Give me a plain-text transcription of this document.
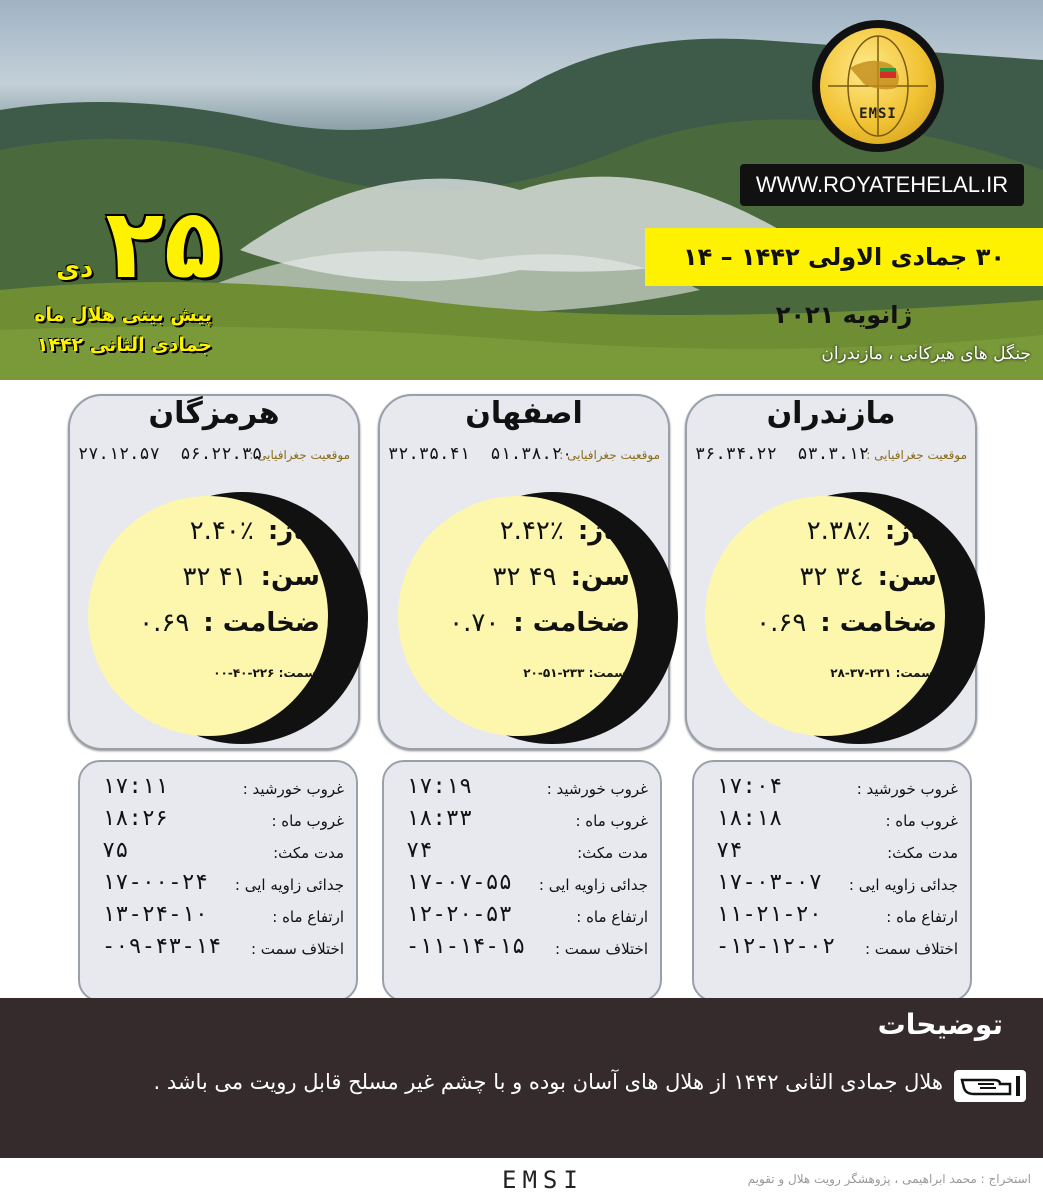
EMSI
WWW.ROYATEHELAL.IR
۳۰ جمادی الاولی ۱۴۴۲ – ۱۴ ژانویه ۲۰۲۱
جنگل های هیرکانی ، مازندران
۲۵
دی
پیش بینی هلال ماه
جمادی الثانی ۱۴۴۲
مازندران
موقعیت جغرافیایی :
۳۶.۳۴.۲۲ ۵۳.۳.۱۲
فاز:۲.۳۸٪
سن:۳۲ ۳٤
ضخامت :۰.۶۹
سمت: ۲۳۱-۳۷-۲۸
اصفهان
موقعیت جغرافیایی :
۳۲.۳۵.۴۱ ۵۱.۳۸.۲۰
فاز:۲.۴۲٪
سن:۳۲ ۴۹
ضخامت :۰.۷۰
سمت: ۲۳۳-۵۱-۲۰
هرمزگان
موقعیت جغرافیایی :
۲۷.۱۲.۵۷ ۵۶.۲۲.۳۵
فاز:۲.۴۰٪
سن:۳۲ ۴۱
ضخامت :۰.۶۹
سمت: ۲۲۶-۴۰-۰۰
غروب خورشید :
۱۷:۰۴
غروب ماه :
۱۸:۱۸
مدت مکث:
۷۴
جدائی زاویه ایی :
۱۷-۰۳-۰۷
ارتفاع ماه :
۱۱-۲۱-۲۰
اختلاف سمت :
-۱۲-۱۲-۰۲
غروب خورشید :
۱۷:۱۹
غروب ماه :
۱۸:۳۳
مدت مکث:
۷۴
جدائی زاویه ایی :
۱۷-۰۷-۵۵
ارتفاع ماه :
۱۲-۲۰-۵۳
اختلاف سمت :
-۱۱-۱۴-۱۵
غروب خورشید :
۱۷:۱۱
غروب ماه :
۱۸:۲۶
مدت مکث:
۷۵
جدائی زاویه ایی :
۱۷-۰۰-۲۴
ارتفاع ماه :
۱۳-۲۴-۱۰
اختلاف سمت :
-۰۹-۴۳-۱۴
توضیحات
هلال جمادی الثانی ۱۴۴۲ از هلال های آسان بوده و با چشم غیر مسلح قابل رویت می باشد .
EMSI	استخراج : محمد ابراهیمی ، پژوهشگر رویت هلال و تقویم
